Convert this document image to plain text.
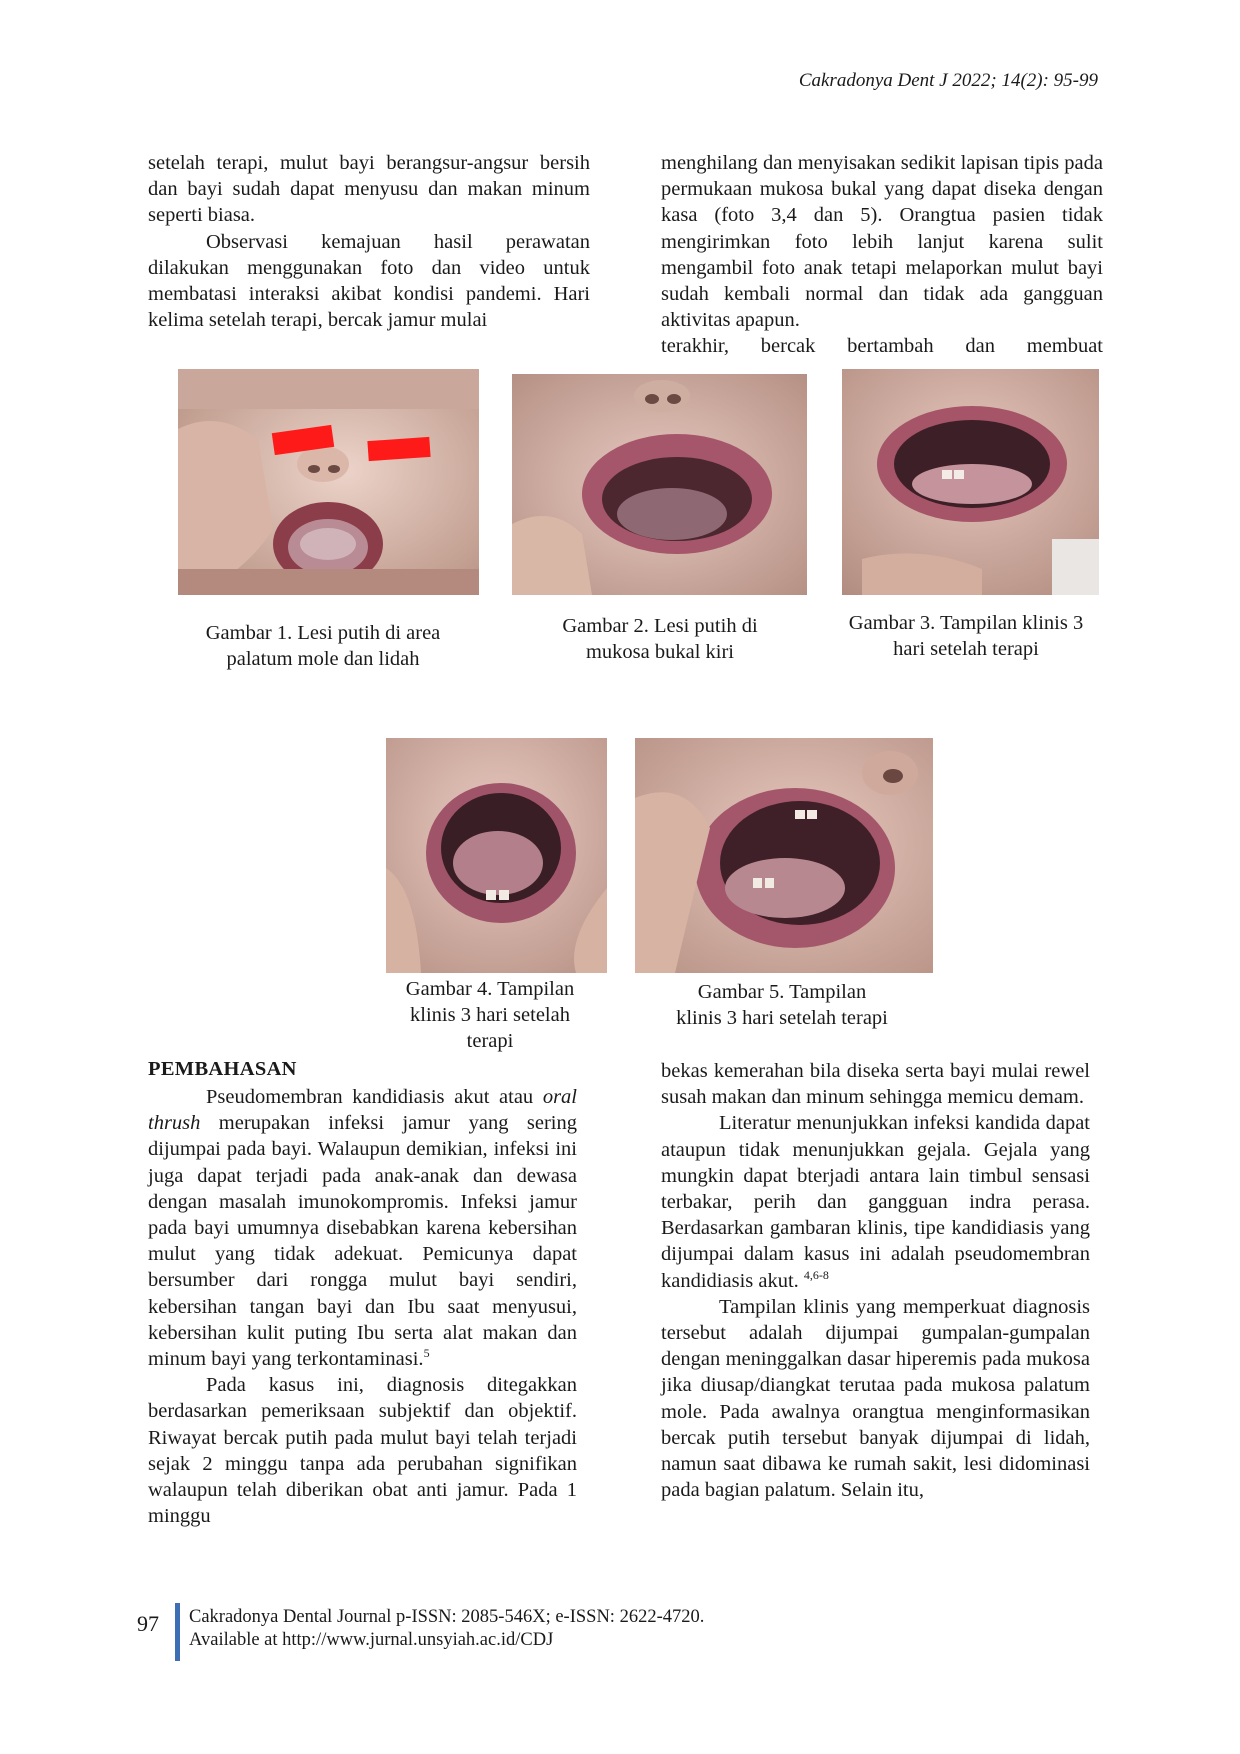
Cakradonya Dent J 2022; 14(2): 95-99

setelah terapi, mulut bayi berangsur-angsur bersih dan bayi sudah dapat menyusu dan makan minum seperti biasa.

Observasi kemajuan hasil perawatan dilakukan menggunakan foto dan video untuk membatasi interaksi akibat kondisi pandemi. Hari kelima setelah terapi, bercak jamur mulai

menghilang dan menyisakan sedikit lapisan tipis pada permukaan mukosa bukal yang dapat diseka dengan kasa (foto 3,4 dan 5). Orangtua pasien tidak mengirimkan foto lebih lanjut karena sulit mengambil foto anak tetapi melaporkan mulut bayi sudah kembali normal dan tidak ada gangguan aktivitas apapun.

terakhir, bercak bertambah dan membuat

Gambar 1. Lesi putih di area palatum mole dan lidah
Gambar 2. Lesi putih di mukosa bukal kiri
Gambar 3. Tampilan klinis 3 hari setelah terapi
Gambar 4. Tampilan klinis 3 hari setelah terapi
Gambar 5. Tampilan klinis 3 hari setelah terapi
PEMBAHASAN

Pseudomembran kandidiasis akut atau oral thrush merupakan infeksi jamur yang sering dijumpai pada bayi. Walaupun demikian, infeksi ini juga dapat terjadi pada anak-anak dan dewasa dengan masalah imunokompromis. Infeksi jamur pada bayi umumnya disebabkan karena kebersihan mulut yang tidak adekuat. Pemicunya dapat bersumber dari rongga mulut bayi sendiri, kebersihan tangan bayi dan Ibu saat menyusui, kebersihan kulit puting Ibu serta alat makan dan minum bayi yang terkontaminasi.$^5$

Pada kasus ini, diagnosis ditegakkan berdasarkan pemeriksaan subjektif dan objektif. Riwayat bercak putih pada mulut bayi telah terjadi sejak 2 minggu tanpa ada perubahan signifikan walaupun telah diberikan obat anti jamur. Pada 1 minggu

bekas kemerahan bila diseka serta bayi mulai rewel susah makan dan minum sehingga memicu demam.

Literatur menunjukkan infeksi kandida dapat ataupun tidak menunjukkan gejala. Gejala yang mungkin dapat bterjadi antara lain timbul sensasi terbakar, perih dan gangguan indra perasa. Berdasarkan gambaran klinis, tipe kandidiasis yang dijumpai dalam kasus ini adalah pseudomembran kandidiasis akut. $^{4,6-8}$

Tampilan klinis yang memperkuat diagnosis tersebut adalah dijumpai gumpalan-gumpalan dengan meninggalkan dasar hiperemis pada mukosa jika diusap/diangkat terutaa pada mukosa palatum mole. Pada awalnya orangtua menginformasikan bercak putih tersebut banyak dijumpai di lidah, namun saat dibawa ke rumah sakit, lesi didominasi pada bagian palatum. Selain itu,

97 Cakradonya Dental Journal p-ISSN: 2085-546X; e-ISSN: 2622-4720.
Available at http://www.jurnal.unsyiah.ac.id/CDJ
